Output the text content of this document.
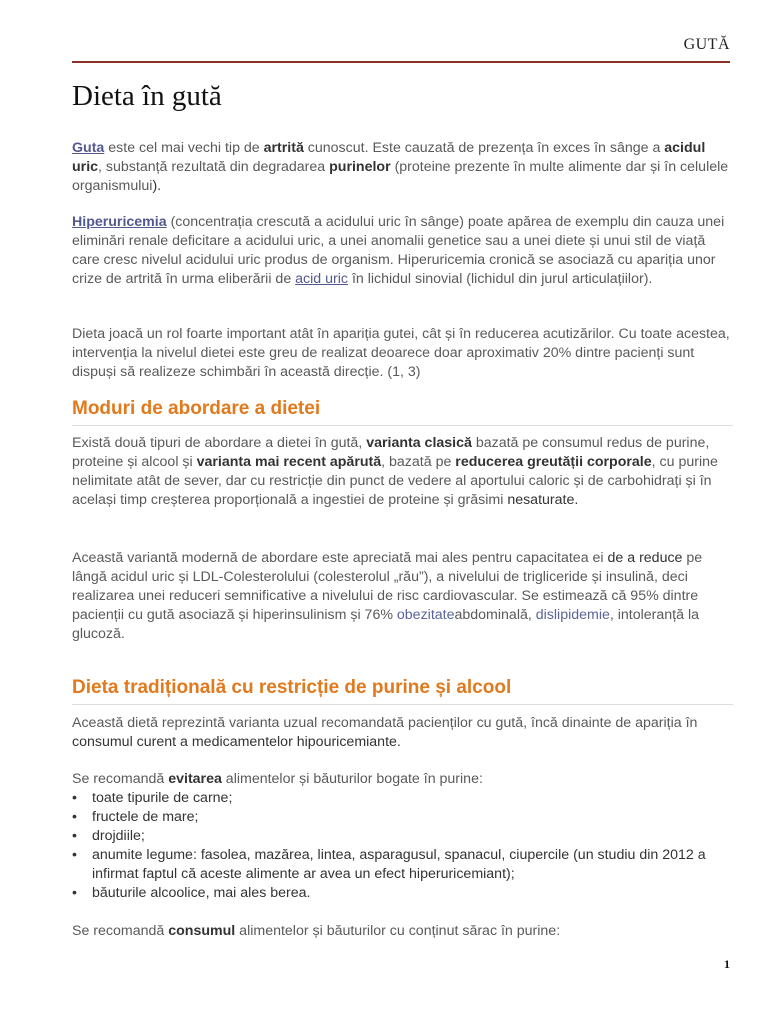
GUTĂ
Dieta în gută

Guta este cel mai vechi tip de artrită cunoscut. Este cauzată de prezența în exces în sânge a acidul uric, substanță rezultată din degradarea purinelor (proteine prezente în multe alimente dar și în celulele organismului).

Hiperuricemia (concentrația crescută a acidului uric în sânge) poate apărea de exemplu din cauza unei eliminări renale deficitare a acidului uric, a unei anomalii genetice sau a unei diete și unui stil de viață care cresc nivelul acidului uric produs de organism. Hiperuricemia cronică se asociază cu apariția unor crize de artrită în urma eliberării de acid uric în lichidul sinovial (lichidul din jurul articulațiilor).

Dieta joacă un rol foarte important atât în apariția gutei, cât și în reducerea acutizărilor. Cu toate acestea, intervenția la nivelul dietei este greu de realizat deoarece doar aproximativ 20% dintre pacienți sunt dispuși să realizeze schimbări în această direcție. (1, 3)

Moduri de abordare a dietei

Există două tipuri de abordare a dietei în gută, varianta clasică bazată pe consumul redus de purine, proteine și alcool și varianta mai recent apărută, bazată pe reducerea greutății corporale, cu purine nelimitate atât de sever, dar cu restricție din punct de vedere al aportului caloric și de carbohidrați și în același timp creșterea proporțională a ingestiei de proteine și grăsimi nesaturate.

Această variantă modernă de abordare este apreciată mai ales pentru capacitatea ei de a reduce pe lângă acidul uric și LDL-Colesterolului (colesterolul „rău”), a nivelului de trigliceride și insulină, deci realizarea unei reduceri semnificative a nivelului de risc cardiovascular. Se estimează că 95% dintre pacienții cu gută asociază și hiperinsulinism și 76% obezitateabdominală, dislipidemie, intoleranță la glucoză.

Dieta tradițională cu restricție de purine și alcool

Această dietă reprezintă varianta uzual recomandată pacienților cu gută, încă dinainte de apariția în consumul curent a medicamentelor hipouricemiante.

Se recomandă evitarea alimentelor și băuturilor bogate în purine:

• toate tipurile de carne;
• fructele de mare;
• drojdiile;
• anumite legume: fasolea, mazărea, lintea, asparagusul, spanacul, ciupercile (un studiu din 2012 a infirmat faptul că aceste alimente ar avea un efect hiperuricemiant);
• băuturile alcoolice, mai ales berea.

Se recomandă consumul alimentelor și băuturilor cu conținut sărac în purine:

1
